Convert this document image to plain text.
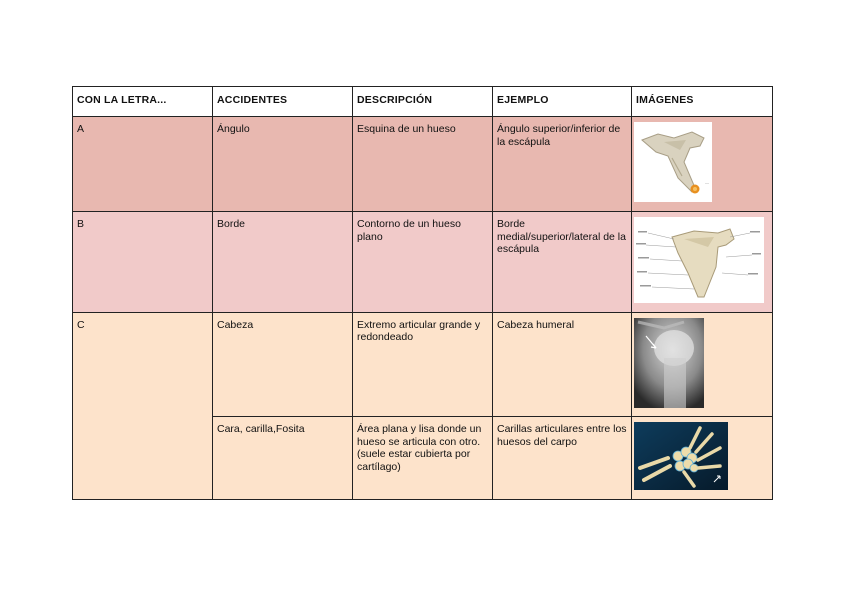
CON LA LETRA...	ACCIDENTES	DESCRIPCIÓN	EJEMPLO	IMÁGENES
A	Ángulo	Esquina de un hueso	Ángulo superior/inferior de la escápula	—

B	Borde	Contorno de un hueso plano	Borde medial/superior/lateral de la escápula	
C	Cabeza	Extremo articular grande y redondeado	Cabeza humeral	
	Cara, carilla,Fosita	Área plana y lisa donde un hueso se articula con otro.(suele estar cubierta por cartílago)	Carillas articulares entre los huesos del carpo	
